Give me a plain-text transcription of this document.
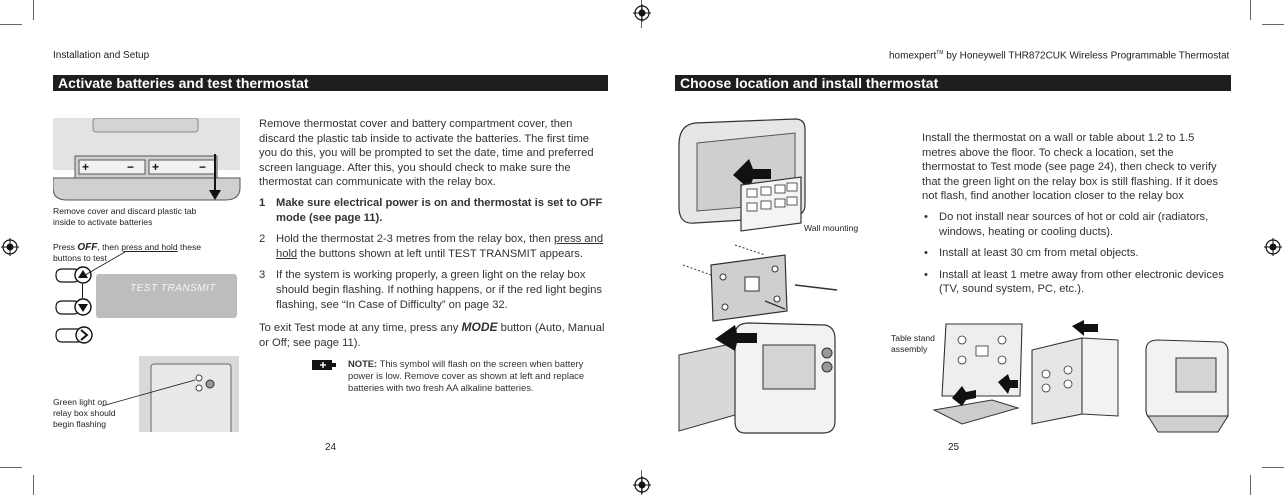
Installation and Setup	homexpert™ by Honeywell THR872CUK Wireless Programmable Thermostat
Activate batteries and test thermostat	Choose location and install thermostat
+	− +	−
Remove cover and discard plastic tab inside to activate batteries
Press OFF, then press and hold these buttons to test
TEST TRANSMIT
Green light on relay box should begin flashing
Remove thermostat cover and battery compartment cover, then discard the plastic tab inside to activate the batteries. The first time you do this, you will be prompted to set the date, time and preferred screen language. After this, you should check to make sure the thermostat can communicate with the relay box.
1 Make sure electrical power is on and thermostat is set to OFF mode (see page 11).
2 Hold the thermostat 2-3 metres from the relay box, then press and hold the buttons shown at left until TEST TRANSMIT appears.
3 If the system is working properly, a green light on the relay box should begin flashing. If nothing happens, or if the red light begins flashing, see “In Case of Difficulty” on page 32.
To exit Test mode at any time, press any MODE button (Auto, Manual or Off; see page 11).
NOTE: This symbol will flash on the screen when battery power is low. Remove cover as shown at left and replace batteries with two fresh AA alkaline batteries.
24
Wall mounting
Table stand assembly
Install the thermostat on a wall or table about 1.2 to 1.5 metres above the floor. To check a location, set the thermostat to Test mode (see page 24), then check to verify that the green light on the relay box is still flashing. If it does not flash, find another location closer to the relay box
• Do not install near sources of hot or cold air (radiators, windows, heating or cooling ducts).
• Install at least 30 cm from metal objects.
• Install at least 1 metre away from other electronic devices (TV, sound system, PC, etc.).
25
